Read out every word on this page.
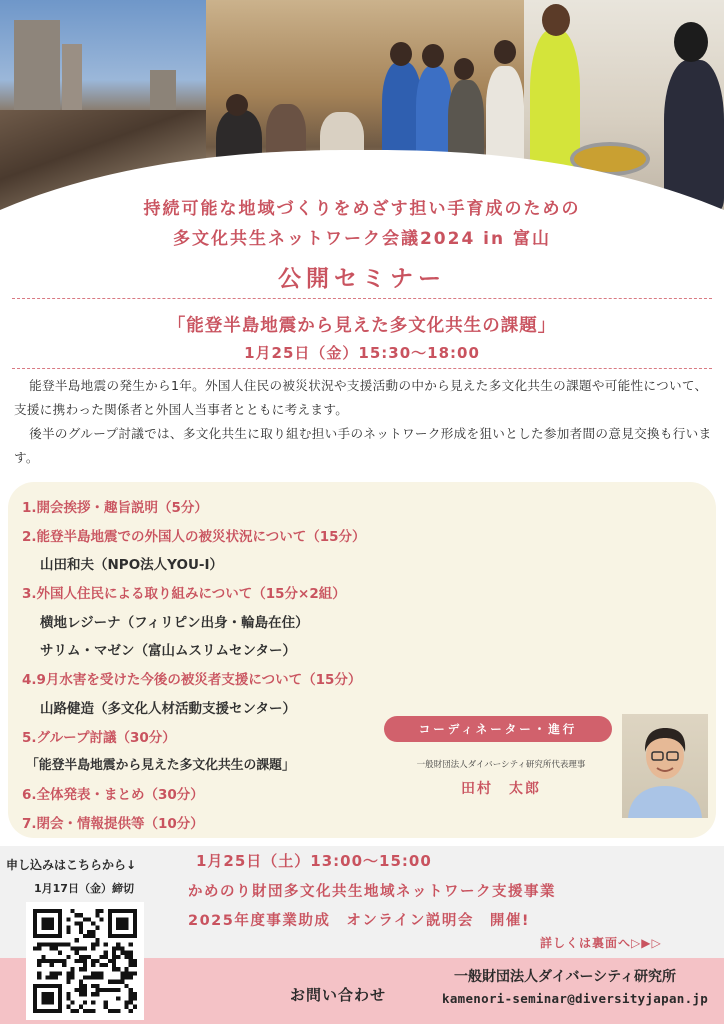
持続可能な地域づくりをめざす担い手育成のための
多文化共生ネットワーク会議2024 in 富山
公開セミナー
「能登半島地震から見えた多文化共生の課題」
1月25日（金）15:30～18:00

能登半島地震の発生から1年。外国人住民の被災状況や支援活動の中から見えた多文化共生の課題や可能性について、支援に携わった関係者と外国人当事者とともに考えます。

後半のグループ討議では、多文化共生に取り組む担い手のネットワーク形成を狙いとした参加者間の意見交換も行います。

1.開会挨拶・趣旨説明（5分）
2.能登半島地震での外国人の被災状況について（15分）
山田和夫（NPO法人YOU-I）
3.外国人住民による取り組みについて（15分×2組）
横地レジーナ（フィリピン出身・輪島在住）
サリム・マゼン（富山ムスリムセンター）
4.9月水害を受けた今後の被災者支援について（15分）
山路健造（多文化人材活動支援センター）
5.グループ討議（30分）
「能登半島地震から見えた多文化共生の課題」
6.全体発表・まとめ（30分）
7.閉会・情報提供等（10分）
コーディネーター・進行
一般財団法人ダイバーシティ研究所代表理事
田村　太郎
申し込みはこちらから↓
1月17日（金）締切
1月25日（土）13:00～15:00
かめのり財団多文化共生地域ネットワーク支援事業
2025年度事業助成　オンライン説明会　開催!
詳しくは裏面へ▷▶▷
お問い合わせ
一般財団法人ダイバーシティ研究所
kamenori-seminar@diversityjapan.jp
